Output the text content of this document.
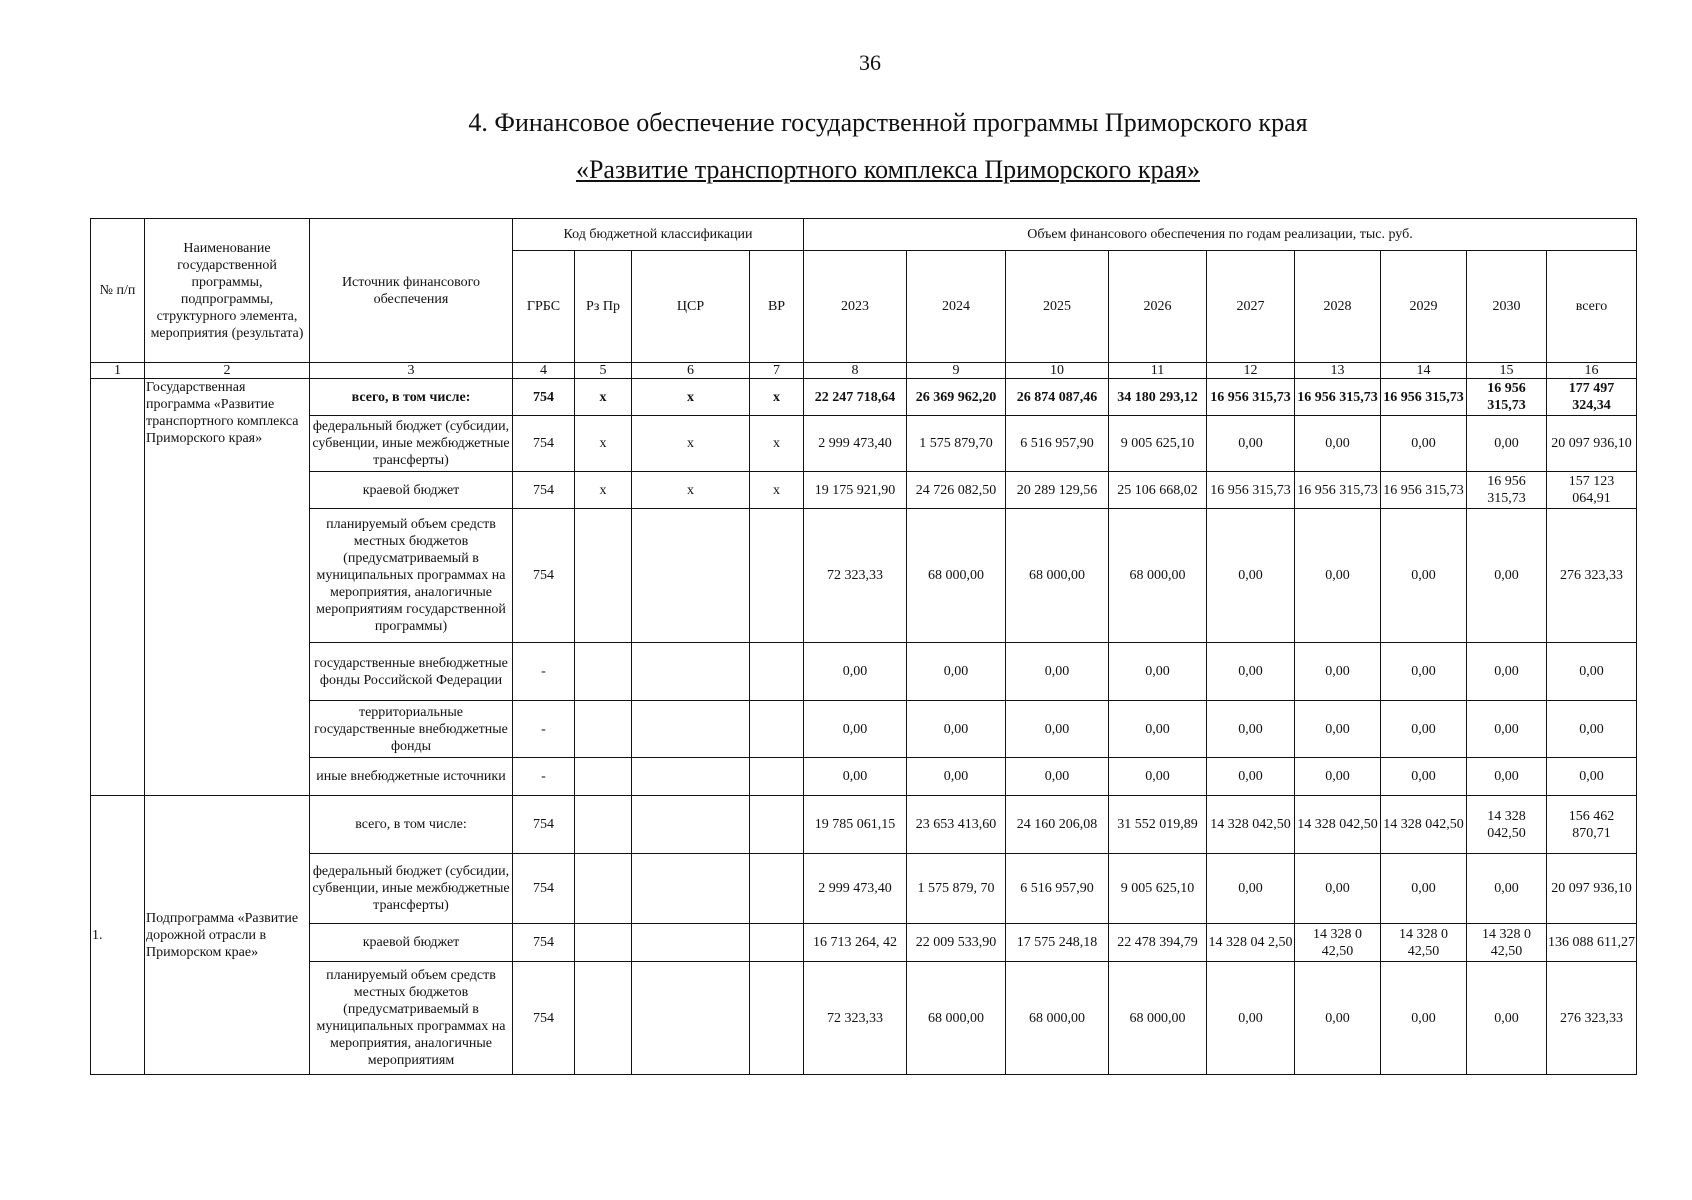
36
4. Финансовое обеспечение государственной программы Приморского края
«Развитие транспортного комплекса Приморского края»
№ п/п	Наименование государственной программы, подпрограммы, структурного элемента, мероприятия (результата)	Источник финансового обеспечения	Код бюджетной классификации				Объем финансового обеспечения по годам реализации, тыс. руб.								
			ГРБС	Рз Пр	ЦСР	ВР	2023	2024	2025	2026	2027	2028	2029	2030	всего
1	2	3	4	5	6	7	8	9	10	11	12	13	14	15	16
	Государственная программа «Развитие транспортного комплекса Приморского края»	всего, в том числе:	754	x	x	x	22 247 718,64	26 369 962,20	26 874 087,46	34 180 293,12	16 956 315,73	16 956 315,73	16 956 315,73	16 956 315,73	177 497 324,34
		федеральный бюджет (субсидии, субвенции, иные межбюджетные трансферты)	754	x	x	x	2 999 473,40	1 575 879,70	6 516 957,90	9 005 625,10	0,00	0,00	0,00	0,00	20 097 936,10
		краевой бюджет	754	x	x	x	19 175 921,90	24 726 082,50	20 289 129,56	25 106 668,02	16 956 315,73	16 956 315,73	16 956 315,73	16 956 315,73	157 123 064,91
		планируемый объем средств местных бюджетов (предусматриваемый в муниципальных программах на мероприятия, аналогичные мероприятиям государственной программы)	754				72 323,33	68 000,00	68 000,00	68 000,00	0,00	0,00	0,00	0,00	276 323,33
		государственные внебюджетные фонды Российской Федерации	-				0,00	0,00	0,00	0,00	0,00	0,00	0,00	0,00	0,00
		территориальные государственные внебюджетные фонды	-				0,00	0,00	0,00	0,00	0,00	0,00	0,00	0,00	0,00
		иные внебюджетные источники	-				0,00	0,00	0,00	0,00	0,00	0,00	0,00	0,00	0,00
1.	Подпрограмма «Развитие дорожной отрасли в Приморском крае»	всего, в том числе:	754				19 785 061,15	23 653 413,60	24 160 206,08	31 552 019,89	14 328 042,50	14 328 042,50	14 328 042,50	14 328 042,50	156 462 870,71
		федеральный бюджет (субсидии, субвенции, иные межбюджетные трансферты)	754				2 999 473,40	1 575 879, 70	6 516 957,90	9 005 625,10	0,00	0,00	0,00	0,00	20 097 936,10
		краевой бюджет	754				16 713 264, 42	22 009 533,90	17 575 248,18	22 478 394,79	14 328 04 2,50	14 328 0 42,50	14 328 0 42,50	14 328 0 42,50	136 088 611,27
		планируемый объем средств местных бюджетов (предусматриваемый в муниципальных программах на мероприятия, аналогичные мероприятиям	754				72 323,33	68 000,00	68 000,00	68 000,00	0,00	0,00	0,00	0,00	276 323,33
